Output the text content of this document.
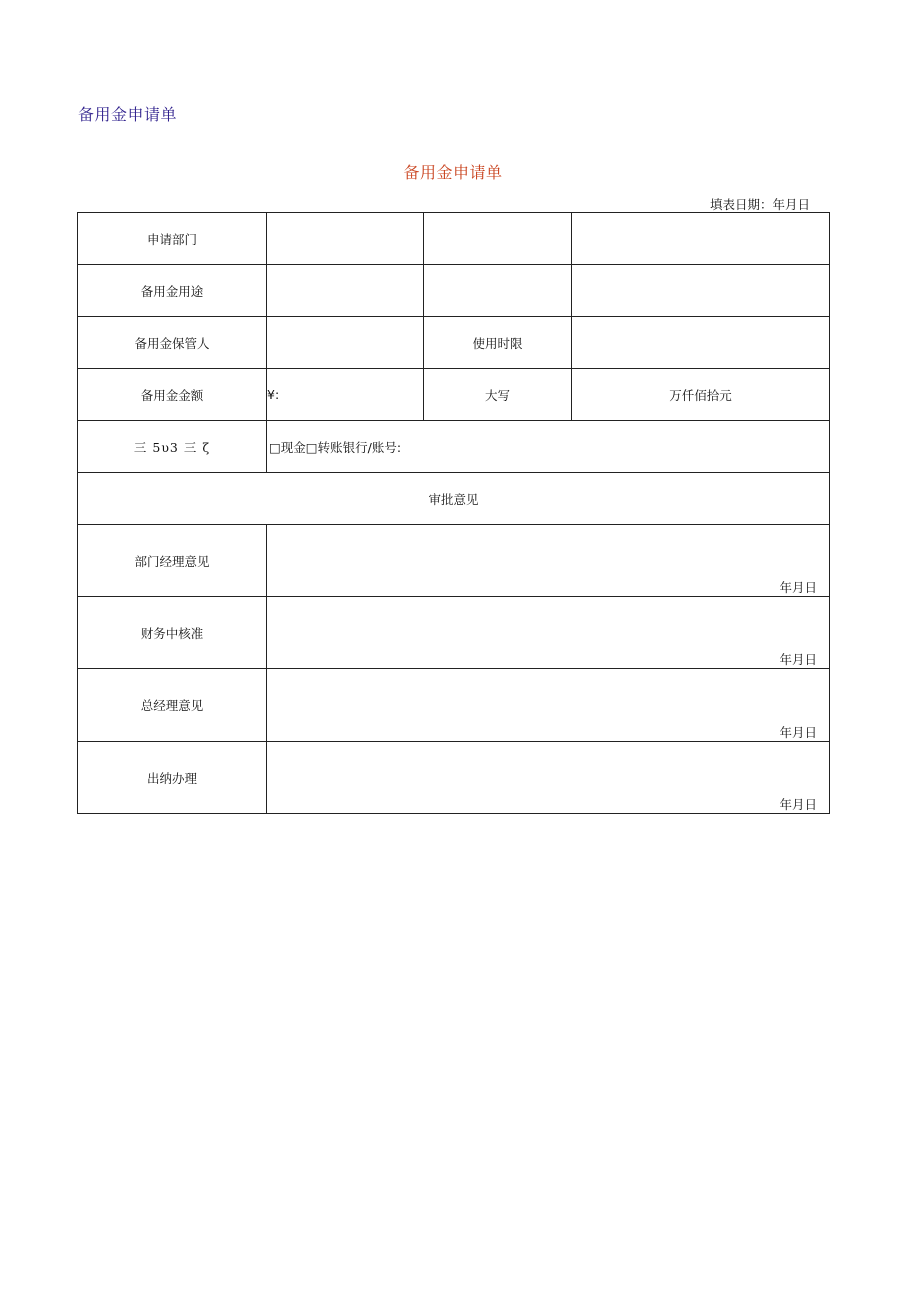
备用金申请单
备用金申请单
填表日期：年月日
申请部门			
备用金用途			
备用金保管人		使用时限	
备用金金额	¥:	大写	万仟佰拾元
三 5υ3 三 ζ	□现金□转账银行/账号:		
审批意见			
部门经理意见	年月日		

财务中核准	年月日		

总经理意见	年月日		

出纳办理	年月日		
